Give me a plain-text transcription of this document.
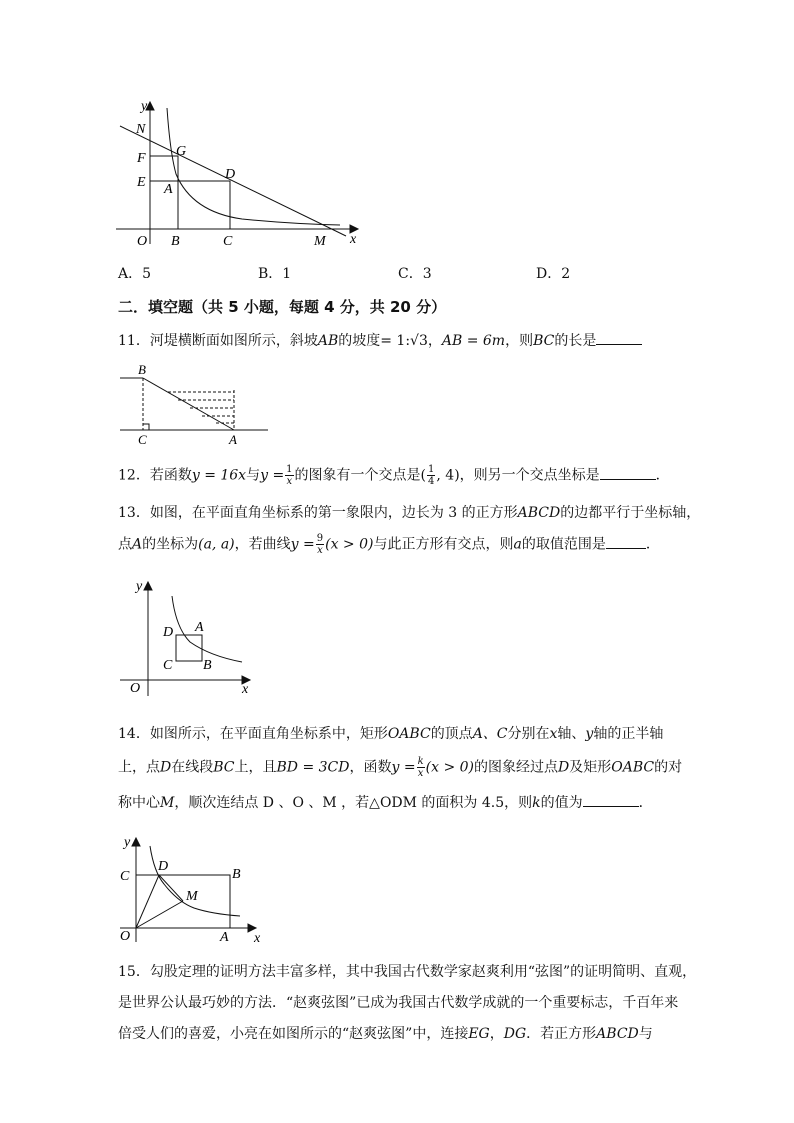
y
N
G
F
D
E A
O B	C	M x
A．5	B．1	C．3	D．2
二．填空题（共 5 小题，每题 4 分，共 20 分）
11．河堤横断面如图所示，斜坡AB的坡度= 1:√3，AB = 6m，则BC的长是
B
C	A
12．若函数y = 16x与$y = \frac{1}{x}$ 的图象有一个交点是( $\frac{1}{4}$ , 4)，则另一个交点坐标是	．
13．如图，在平面直角坐标系的第一象限内，边长为 3 的正方形ABCD的边都平行于坐标轴，
点A的坐标为(a, a)，若曲线$y = \frac{9}{x} (x > 0)$与此正方形有交点，则a的取值范围是	．
y
D A
C B
O	x
14．如图所示，在平面直角坐标系中，矩形OABC的顶点A、C分别在x轴、y轴的正半轴
上，点D在线段BC上，且BD = 3CD，函数$y = \frac{k}{x} (x > 0)$的图象经过点D及矩形OABC的对
称中心M，顺次连结点 D 、O 、M ，若△ODM 的面积为 4.5，则k的值为	．
y
D
C	B
M
O	A x
15．勾股定理的证明方法丰富多样，其中我国古代数学家赵爽利用“弦图”的证明简明、直观，
是世界公认最巧妙的方法．“赵爽弦图”已成为我国古代数学成就的一个重要标志，千百年来
倍受人们的喜爱，小亮在如图所示的“赵爽弦图”中，连接EG，DG．若正方形ABCD与
